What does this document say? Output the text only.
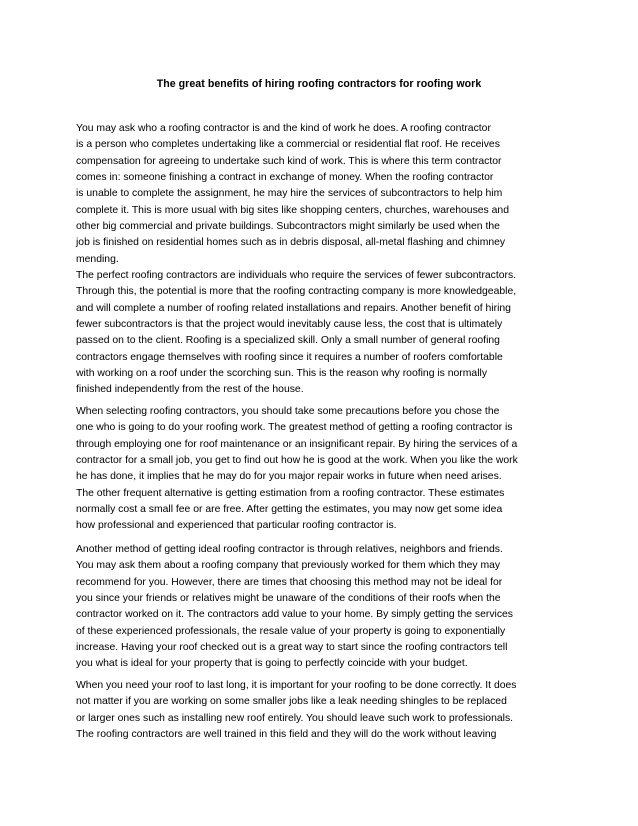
The great benefits of hiring roofing contractors for roofing work

You may ask who a roofing contractor is and the kind of work he does. A roofing contractor
is a person who completes undertaking like a commercial or residential flat roof. He receives
compensation for agreeing to undertake such kind of work. This is where this term contractor
comes in: someone finishing a contract in exchange of money. When the roofing contractor
is unable to complete the assignment, he may hire the services of subcontractors to help him
complete it. This is more usual with big sites like shopping centers, churches, warehouses and
other big commercial and private buildings. Subcontractors might similarly be used when the
job is finished on residential homes such as in debris disposal, all-metal flashing and chimney
mending.

The perfect roofing contractors are individuals who require the services of fewer subcontractors.
Through this, the potential is more that the roofing contracting company is more knowledgeable,
and will complete a number of roofing related installations and repairs. Another benefit of hiring
fewer subcontractors is that the project would inevitably cause less, the cost that is ultimately
passed on to the client. Roofing is a specialized skill. Only a small number of general roofing
contractors engage themselves with roofing since it requires a number of roofers comfortable
with working on a roof under the scorching sun. This is the reason why roofing is normally
finished independently from the rest of the house.

When selecting roofing contractors, you should take some precautions before you chose the
one who is going to do your roofing work. The greatest method of getting a roofing contractor is
through employing one for roof maintenance or an insignificant repair. By hiring the services of a
contractor for a small job, you get to find out how he is good at the work. When you like the work
he has done, it implies that he may do for you major repair works in future when need arises.
The other frequent alternative is getting estimation from a roofing contractor. These estimates
normally cost a small fee or are free. After getting the estimates, you may now get some idea
how professional and experienced that particular roofing contractor is.

Another method of getting ideal roofing contractor is through relatives, neighbors and friends.
You may ask them about a roofing company that previously worked for them which they may
recommend for you. However, there are times that choosing this method may not be ideal for
you since your friends or relatives might be unaware of the conditions of their roofs when the
contractor worked on it. The contractors add value to your home. By simply getting the services
of these experienced professionals, the resale value of your property is going to exponentially
increase. Having your roof checked out is a great way to start since the roofing contractors tell
you what is ideal for your property that is going to perfectly coincide with your budget.

When you need your roof to last long, it is important for your roofing to be done correctly. It does
not matter if you are working on some smaller jobs like a leak needing shingles to be replaced
or larger ones such as installing new roof entirely. You should leave such work to professionals.
The roofing contractors are well trained in this field and they will do the work without leaving
